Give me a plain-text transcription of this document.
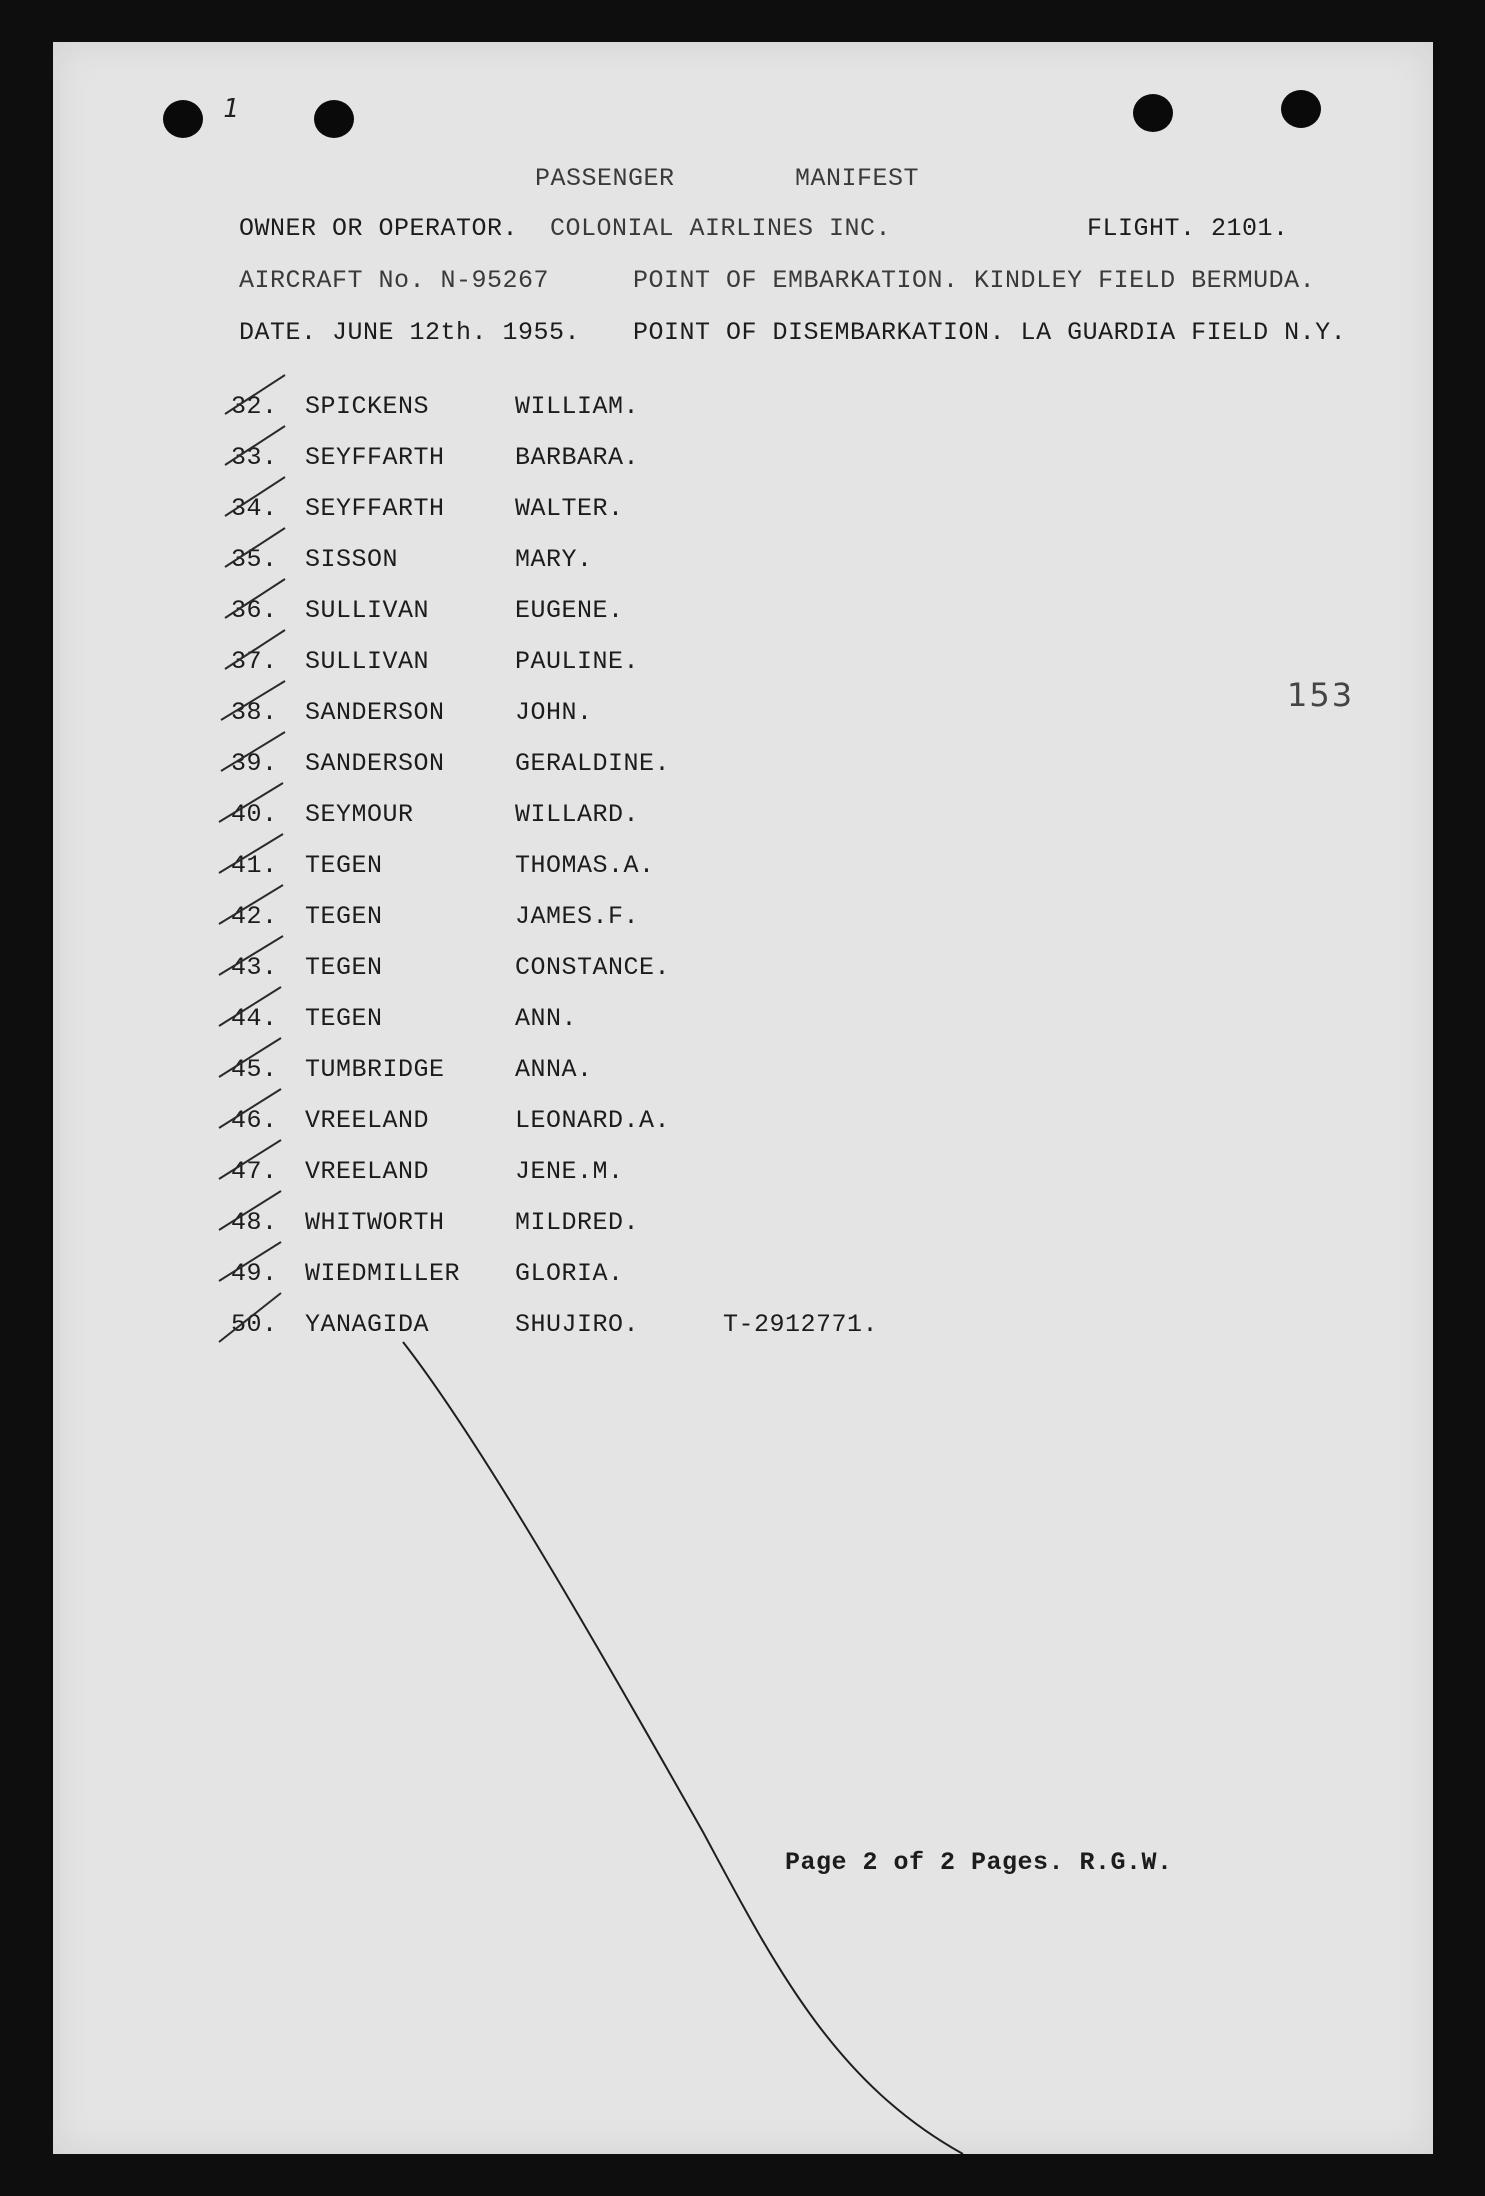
1
PASSENGER	MANIFEST
OWNER OR OPERATOR. COLONIAL AIRLINES INC.	FLIGHT. 2101.
AIRCRAFT No. N-95267	POINT OF EMBARKATION. KINDLEY FIELD BERMUDA.
DATE. JUNE 12th. 1955. POINT OF DISEMBARKATION. LA GUARDIA FIELD N.Y.
153
32. SPICKENS	WILLIAM.
33. SEYFFARTH	BARBARA.
34. SEYFFARTH	WALTER.
35. SISSON	MARY.
36. SULLIVAN	EUGENE.
37. SULLIVAN	PAULINE.
38. SANDERSON	JOHN.
39. SANDERSON	GERALDINE.
40. SEYMOUR	WILLARD.
41. TEGEN	THOMAS.A.
42. TEGEN	JAMES.F.
43. TEGEN	CONSTANCE.
44. TEGEN	ANN.
45. TUMBRIDGE	ANNA.
46. VREELAND	LEONARD.A.
47. VREELAND	JENE.M.
48. WHITWORTH	MILDRED.
49. WIEDMILLER GLORIA.
50. YANAGIDA	SHUJIRO.	T-2912771.
Page 2 of 2 Pages. R.G.W.
